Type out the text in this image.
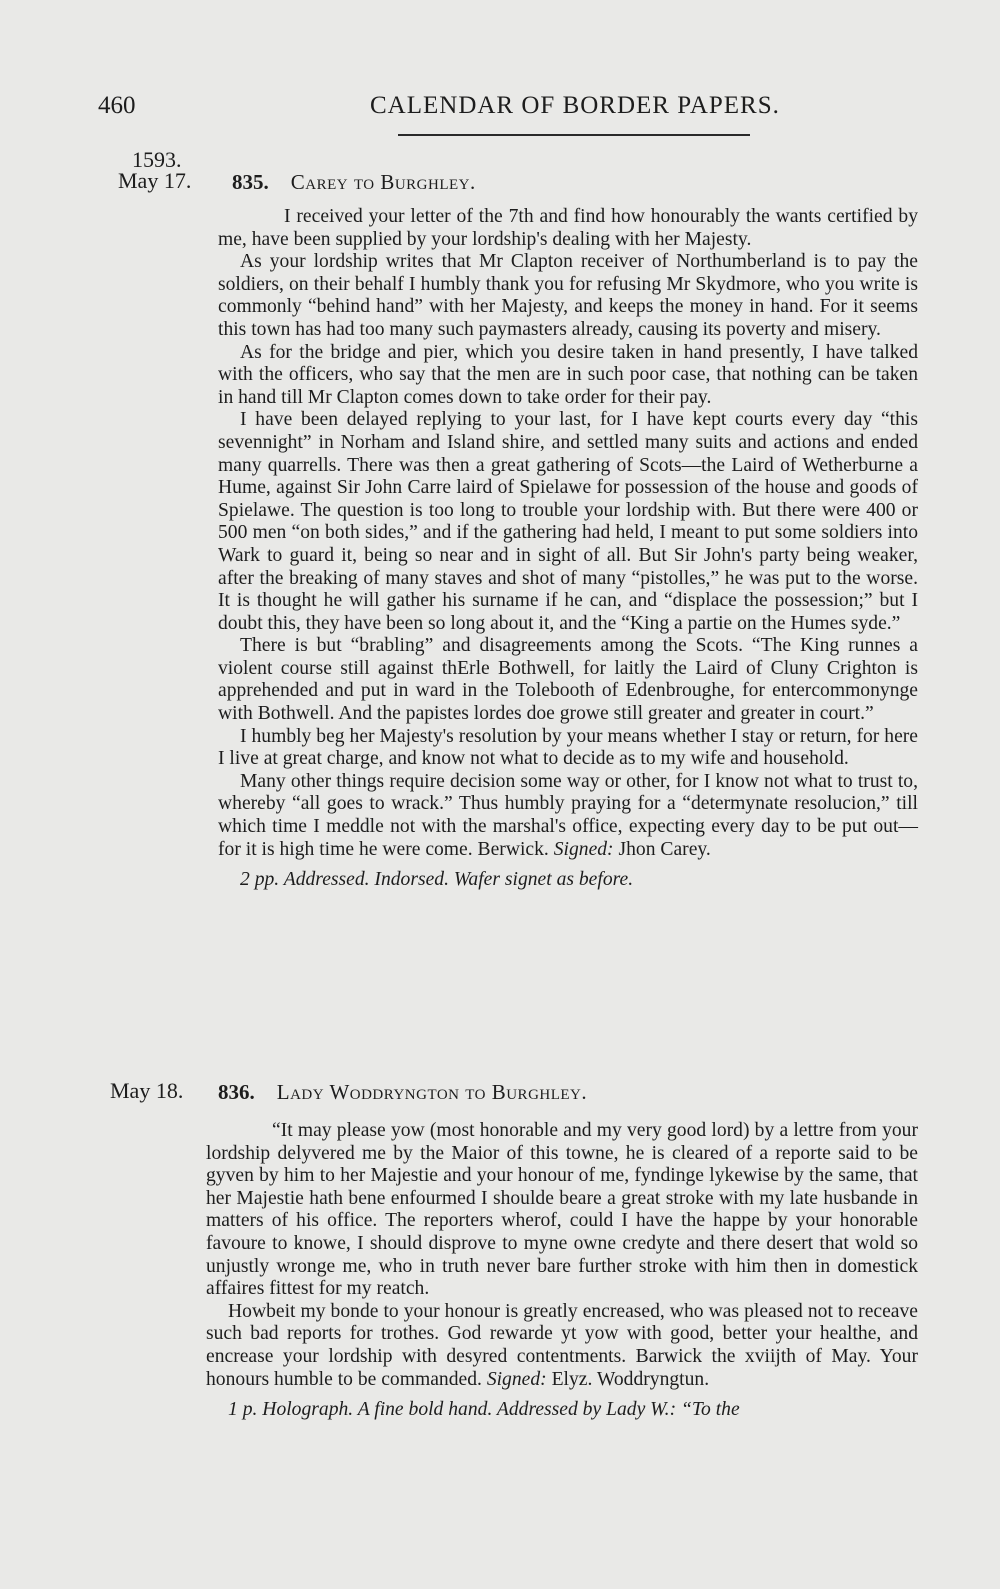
460	CALENDAR OF BORDER PAPERS.
1593.
May 17. 835. Carey to Burghley.

I received your letter of the 7th and find how honourably the wants certified by me, have been supplied by your lordship's dealing with her Majesty.

As your lordship writes that Mr Clapton receiver of Northumberland is to pay the soldiers, on their behalf I humbly thank you for refusing Mr Skydmore, who you write is commonly “behind hand” with her Majesty, and keeps the money in hand. For it seems this town has had too many such paymasters already, causing its poverty and misery.

As for the bridge and pier, which you desire taken in hand presently, I have talked with the officers, who say that the men are in such poor case, that nothing can be taken in hand till Mr Clapton comes down to take order for their pay.

I have been delayed replying to your last, for I have kept courts every day “this sevennight” in Norham and Island shire, and settled many suits and actions and ended many quarrells. There was then a great gathering of Scots—the Laird of Wetherburne a Hume, against Sir John Carre laird of Spielawe for possession of the house and goods of Spielawe. The question is too long to trouble your lordship with. But there were 400 or 500 men “on both sides,” and if the gathering had held, I meant to put some soldiers into Wark to guard it, being so near and in sight of all. But Sir John's party being weaker, after the breaking of many staves and shot of many “pistolles,” he was put to the worse. It is thought he will gather his surname if he can, and “displace the possession;” but I doubt this, they have been so long about it, and the “King a partie on the Humes syde.”

There is but “brabling” and disagreements among the Scots. “The King runnes a violent course still against thErle Bothwell, for laitly the Laird of Cluny Crighton is apprehended and put in ward in the Tolebooth of Edenbroughe, for entercommonynge with Bothwell. And the papistes lordes doe growe still greater and greater in court.”

I humbly beg her Majesty's resolution by your means whether I stay or return, for here I live at great charge, and know not what to decide as to my wife and household.

Many other things require decision some way or other, for I know not what to trust to, whereby “all goes to wrack.” Thus humbly praying for a “determynate resolucion,” till which time I meddle not with the marshal's office, expecting every day to be put out—for it is high time he were come. Berwick. Signed: Jhon Carey.

2 pp. Addressed. Indorsed. Wafer signet as before.

May 18. 836. Lady Woddryngton to Burghley.

“It may please yow (most honorable and my very good lord) by a lettre from your lordship delyvered me by the Maior of this towne, he is cleared of a reporte said to be gyven by him to her Majestie and your honour of me, fyndinge lykewise by the same, that her Majestie hath bene enfourmed I shoulde beare a great stroke with my late husbande in matters of his office. The reporters wherof, could I have the happe by your honorable favoure to knowe, I should disprove to myne owne credyte and there desert that wold so unjustly wronge me, who in truth never bare further stroke with him then in domestick affaires fittest for my reatch.

Howbeit my bonde to your honour is greatly encreased, who was pleased not to receave such bad reports for trothes. God rewarde yt yow with good, better your healthe, and encrease your lordship with desyred contentments. Barwick the xviijth of May. Your honours humble to be commanded. Signed: Elyz. Woddryngtun.

1 p. Holograph. A fine bold hand. Addressed by Lady W.: “To the
